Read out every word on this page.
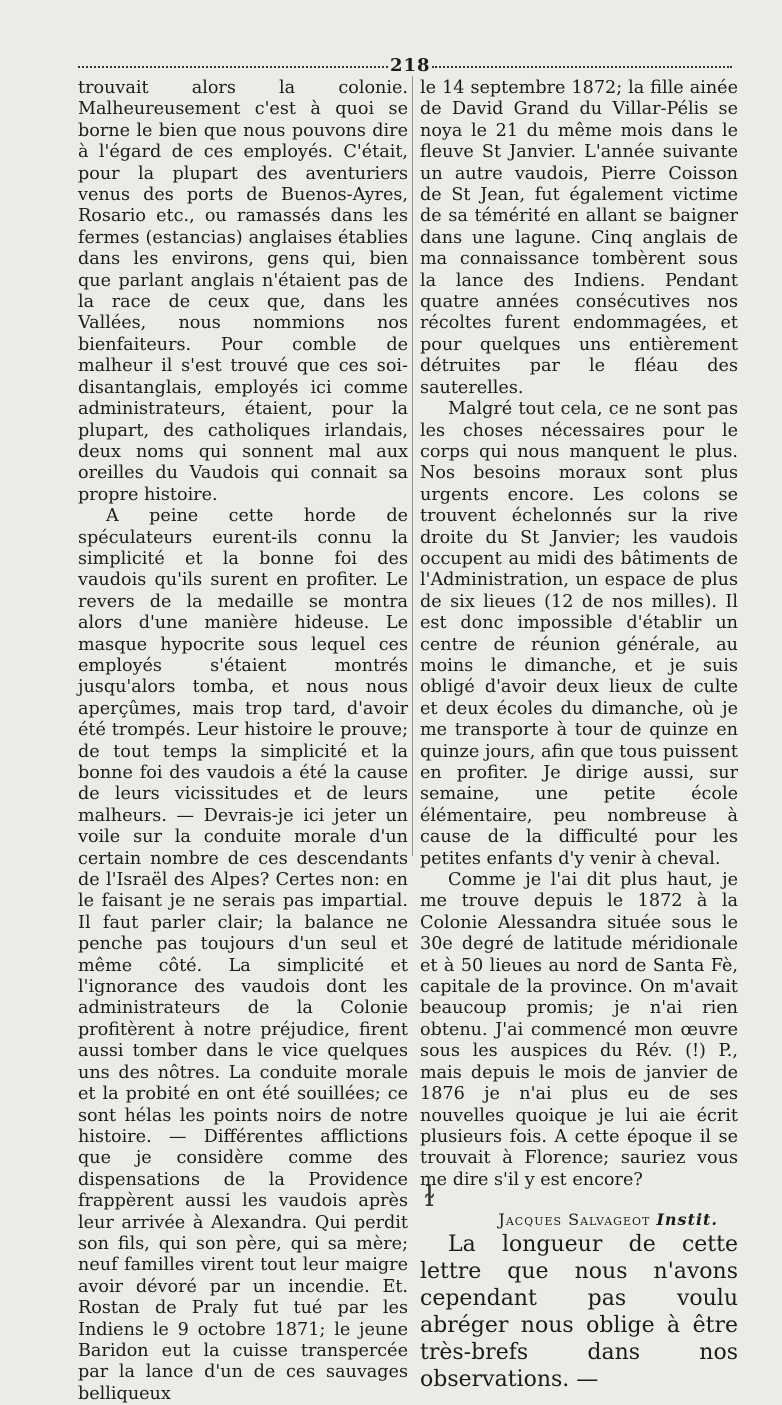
218

trouvait alors la colonie. Malheureusement c'est à quoi se borne le bien que nous pouvons dire à l'égard de ces employés. C'était, pour la plupart des aventuriers venus des ports de Buenos-Ayres, Rosario etc., ou ramassés dans les fermes (estancias) anglaises établies dans les environs, gens qui, bien que parlant anglais n'étaient pas de la race de ceux que, dans les Vallées, nous nommions nos bienfaiteurs. Pour comble de malheur il s'est trouvé que ces soi-disantanglais, employés ici comme administrateurs, étaient, pour la plupart, des catholiques irlandais, deux noms qui sonnent mal aux oreilles du Vaudois qui connait sa propre histoire.

A peine cette horde de spéculateurs eurent-ils connu la simplicité et la bonne foi des vaudois qu'ils surent en profiter. Le revers de la medaille se montra alors d'une manière hideuse. Le masque hypocrite sous lequel ces employés s'étaient montrés jusqu'alors tomba, et nous nous aperçûmes, mais trop tard, d'avoir été trompés. Leur histoire le prouve; de tout temps la simplicité et la bonne foi des vaudois a été la cause de leurs vicissitudes et de leurs malheurs. — Devrais-je ici jeter un voile sur la conduite morale d'un certain nombre de ces descendants de l'Israël des Alpes? Certes non: en le faisant je ne serais pas impartial. Il faut parler clair; la balance ne penche pas toujours d'un seul et même côté. La simplicité et l'ignorance des vaudois dont les administrateurs de la Colonie profitèrent à notre préjudice, firent aussi tomber dans le vice quelques uns des nôtres. La conduite morale et la probité en ont été souillées; ce sont hélas les points noirs de notre histoire. — Différentes afflictions que je considère comme des dispensations de la Providence frappèrent aussi les vaudois après leur arrivée à Alexandra. Qui perdit son fils, qui son père, qui sa mère; neuf familles virent tout leur maigre avoir dévoré par un incendie. Et. Rostan de Praly fut tué par les Indiens le 9 octobre 1871; le jeune Baridon eut la cuisse transpercée par la lance d'un de ces sauvages belliqueux

le 14 septembre 1872; la fille ainée de David Grand du Villar-Pélis se noya le 21 du même mois dans le fleuve St Janvier. L'année suivante un autre vaudois, Pierre Coisson de St Jean, fut également victime de sa témérité en allant se baigner dans une lagune. Cinq anglais de ma connaissance tombèrent sous la lance des Indiens. Pendant quatre années consécutives nos récoltes furent endommagées, et pour quelques uns entièrement détruites par le fléau des sauterelles.

Malgré tout cela, ce ne sont pas les choses nécessaires pour le corps qui nous manquent le plus. Nos besoins moraux sont plus urgents encore. Les colons se trouvent échelonnés sur la rive droite du St Janvier; les vaudois occupent au midi des bâtiments de l'Administration, un espace de plus de six lieues (12 de nos milles). Il est donc impossible d'établir un centre de réunion générale, au moins le dimanche, et je suis obligé d'avoir deux lieux de culte et deux écoles du dimanche, où je me transporte à tour de quinze en quinze jours, afin que tous puissent en profiter. Je dirige aussi, sur semaine, une petite école élémentaire, peu nombreuse à cause de la difficulté pour les petites enfants d'y venir à cheval.

Comme je l'ai dit plus haut, je me trouve depuis le 1872 à la Colonie Alessandra située sous le 30e degré de latitude méridionale et à 50 lieues au nord de Santa Fè, capitale de la province. On m'avait beaucoup promis; je n'ai rien obtenu. J'ai commencé mon œuvre sous les auspices du Rév. (!) P., mais depuis le mois de janvier de 1876 je n'ai plus eu de ses nouvelles quoique je lui aie écrit plusieurs fois. A cette époque il se trouvait à Florence; sauriez vous me dire s'il y est encore?

Jacques Salvageot Instit.

La longueur de cette lettre que nous n'avons cependant pas voulu abréger nous oblige à être très-brefs dans nos observations. —

ɫ
